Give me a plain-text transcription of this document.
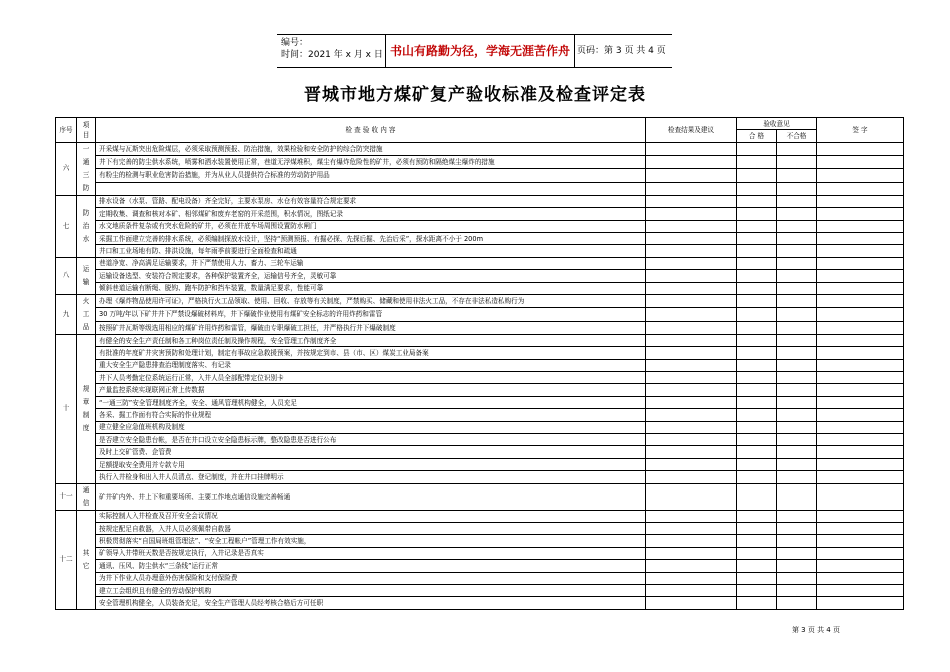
编号：
时间：2021 年 x 月 x 日 书山有路勤为径，学海无涯苦作舟 页码：第 3 页 共 4 页
晋城市地方煤矿复产验收标准及检查评定表
序号	项目	检 查 验 收 内 容	检查结果及建议	验收意见		签 字
				合 格	不合格	
六	一通三防	开采煤与瓦斯突出危险煤层，必须采取预测预报、防治措施，效果检验和安全防护的综合防突措施				
		井下有完善的防尘供水系统，喷雾和洒水装置使用正常，巷道无浮煤堆积，煤尘有爆炸危险性的矿井，必须有预防和隔绝煤尘爆炸的措施				
		有粉尘的检测与职业危害防治措施，并为从业人员提供符合标准的劳动防护用品				

七	防治水	排水设备（水泵、管路、配电设备）齐全完好，主要水泵房、水仓有效容量符合规定要求				
		定期收集、调查和核对本矿、相邻煤矿和废弃老窑的开采范围，积水情况，图纸记录				
		水文地质条件复杂或有突水危险的矿井，必须在井底车场周围设置防水闸门				
		采掘工作面建立完善的排水系统，必须编制探放水设计，坚持“预测预报、有掘必探、先探后掘、先治后采”，探水距离不小于 200m				
		井口和工业场地有防、排洪设施，每年雨季前要进行全面检查和疏通				
八	运输	巷道净宽、净高满足运输要求，井下严禁使用人力、畜力、三轮车运输				
		运输设备选型、安装符合规定要求，各种保护装置齐全，运输信号齐全，灵敏可靠				
		倾斜巷道运输有断绳、脱钩、跑车防护和挡车装置，数量满足要求，性能可靠				
九	火工品	办理《爆炸物品使用许可证》，严格执行火工品领取、使用、回收、存放等有关制度，严禁购买、储藏和使用非法火工品，不存在非法私造私购行为				
		30 万吨/年以下矿井井下严禁设爆破材料库，井下爆破作业使用有煤矿安全标志的许用炸药和雷管				
		按照矿井瓦斯等级选用相应的煤矿许用炸药和雷管，爆破由专职爆破工担任，并严格执行井下爆破制度				
十	规章制度	有健全的安全生产责任制和各工种岗位责任制及操作规程，安全管理工作制度齐全				
		有批准的年度矿井灾害预防和处理计划，制定有事故应急救援预案，并按规定到市、县（市、区）煤炭工业局备案				
		重大安全生产隐患排查治理制度落实、有记录				
		井下人员考勤定位系统运行正常，入井人员全部配带定位识别卡				
		产量监控系统实现联网正常上传数据				
		“一通三防”安全管理制度齐全，安全、通风管理机构健全，人员充足				
		各采、掘工作面有符合实际的作业规程				
		建立健全应急值班机构及制度				
		是否建立安全隐患台帐，是否在井口设立安全隐患标示牌，整改隐患是否进行公布				
		及时上交矿管费、企管费				
		足额提取安全费用并专款专用				
		执行入井检身和出入井人员清点、登记制度，并在井口挂牌明示				
十一	通信	矿井矿内外、井上下和重要场所、主要工作地点通信设施完善畅通				
十二	其它	实际控制人入井检查及召开安全会议情况				
		按规定配足自救器，入井人员必须佩带自救器				
		积极贯彻落实“自国局班组管理法”、“安全工程帐户”管理工作有效实施，				
		矿领导入井带班天数是否按规定执行，入井记录是否真实				
		通讯、压风、防尘供水“三条线”运行正常				
		为井下作业人员办理意外伤害保险和支付保险费				
		建立工会组织且有健全的劳动保护机构				
		安全管理机构健全，人员装备充足，安全生产管理人员经考核合格后方可任职				
第 3 页 共 4 页
